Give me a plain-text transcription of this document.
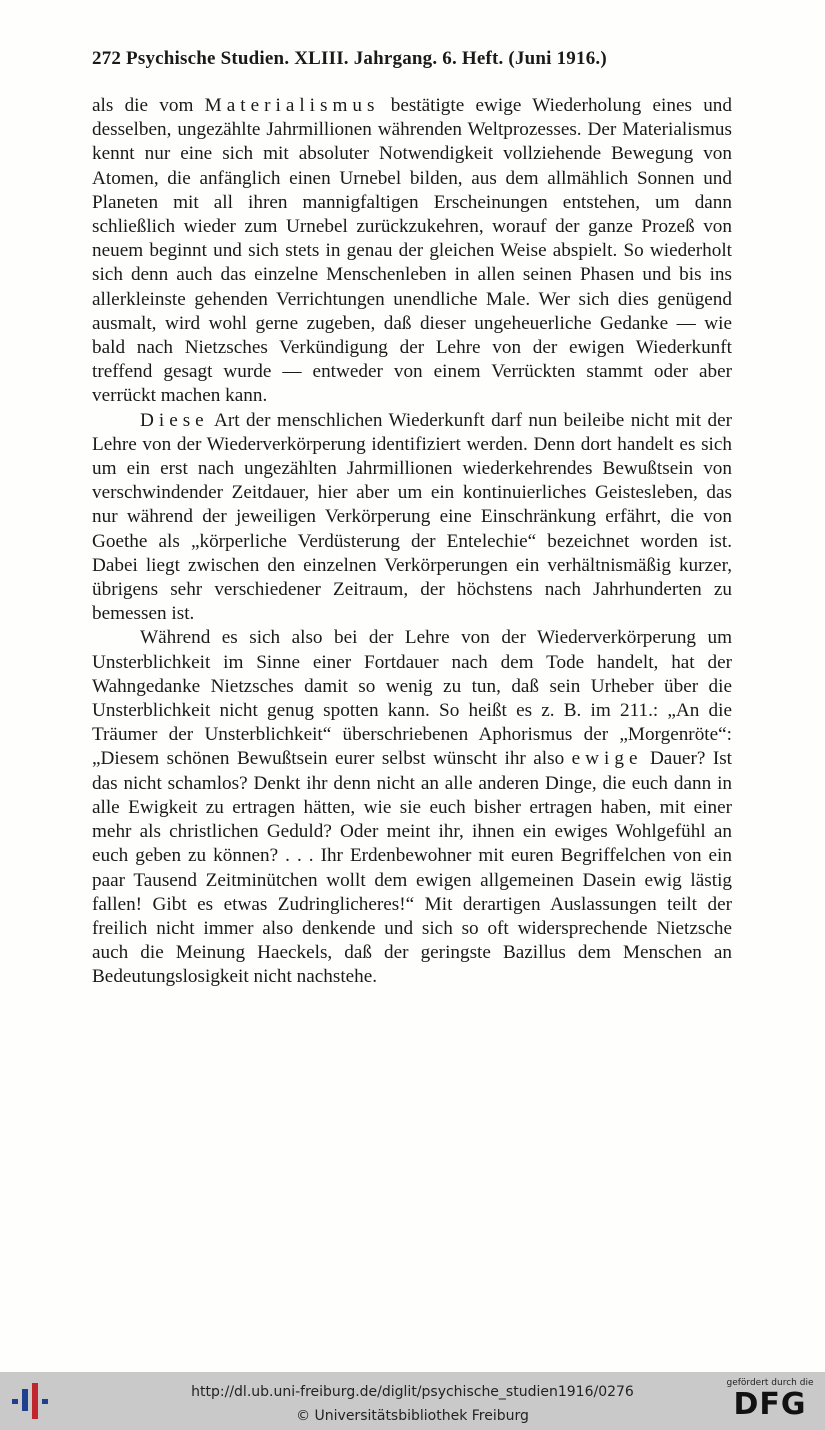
272 Psychische Studien. XLIII. Jahrgang. 6. Heft. (Juni 1916.)

als die vom Materialismus bestätigte ewige Wiederholung eines und desselben, ungezählte Jahrmillionen währenden Weltprozesses. Der Materialismus kennt nur eine sich mit absoluter Notwendigkeit vollziehende Bewegung von Atomen, die anfänglich einen Urnebel bilden, aus dem allmählich Sonnen und Planeten mit all ihren mannigfaltigen Erscheinungen entstehen, um dann schließlich wieder zum Urnebel zurückzukehren, worauf der ganze Prozeß von neuem beginnt und sich stets in genau der gleichen Weise abspielt. So wiederholt sich denn auch das einzelne Menschenleben in allen seinen Phasen und bis ins allerkleinste gehenden Verrichtungen unendliche Male. Wer sich dies genügend ausmalt, wird wohl gerne zugeben, daß dieser ungeheuerliche Gedanke — wie bald nach Nietzsches Verkündigung der Lehre von der ewigen Wiederkunft treffend gesagt wurde — entweder von einem Verrückten stammt oder aber verrückt machen kann.

Diese Art der menschlichen Wiederkunft darf nun beileibe nicht mit der Lehre von der Wiederverkörperung identifiziert werden. Denn dort handelt es sich um ein erst nach ungezählten Jahrmillionen wiederkehrendes Bewußtsein von verschwindender Zeitdauer, hier aber um ein kontinuierliches Geistesleben, das nur während der jeweiligen Verkörperung eine Einschränkung erfährt, die von Goethe als „körperliche Verdüsterung der Entelechie“ bezeichnet worden ist. Dabei liegt zwischen den einzelnen Verkörperungen ein verhältnismäßig kurzer, übrigens sehr verschiedener Zeitraum, der höchstens nach Jahrhunderten zu bemessen ist.

Während es sich also bei der Lehre von der Wiederverkörperung um Unsterblichkeit im Sinne einer Fortdauer nach dem Tode handelt, hat der Wahngedanke Nietzsches damit so wenig zu tun, daß sein Urheber über die Unsterblichkeit nicht genug spotten kann. So heißt es z. B. im 211.: „An die Träumer der Unsterblichkeit“ überschriebenen Aphorismus der „Morgenröte“: „Diesem schönen Bewußtsein eurer selbst wünscht ihr also ewige Dauer? Ist das nicht schamlos? Denkt ihr denn nicht an alle anderen Dinge, die euch dann in alle Ewigkeit zu ertragen hätten, wie sie euch bisher ertragen haben, mit einer mehr als christlichen Geduld? Oder meint ihr, ihnen ein ewiges Wohlgefühl an euch geben zu können? . . . Ihr Erdenbewohner mit euren Begriffelchen von ein paar Tausend Zeitminütchen wollt dem ewigen allgemeinen Dasein ewig lästig fallen! Gibt es etwas Zudringlicheres!“ Mit derartigen Auslassungen teilt der freilich nicht immer also denkende und sich so oft widersprechende Nietzsche auch die Meinung Haeckels, daß der geringste Bazillus dem Menschen an Bedeutungslosigkeit nicht nachstehe.

http://dl.ub.uni-freiburg.de/diglit/psychische_studien1916/0276
© Universitätsbibliothek Freiburg
gefördert durch die
DFG
